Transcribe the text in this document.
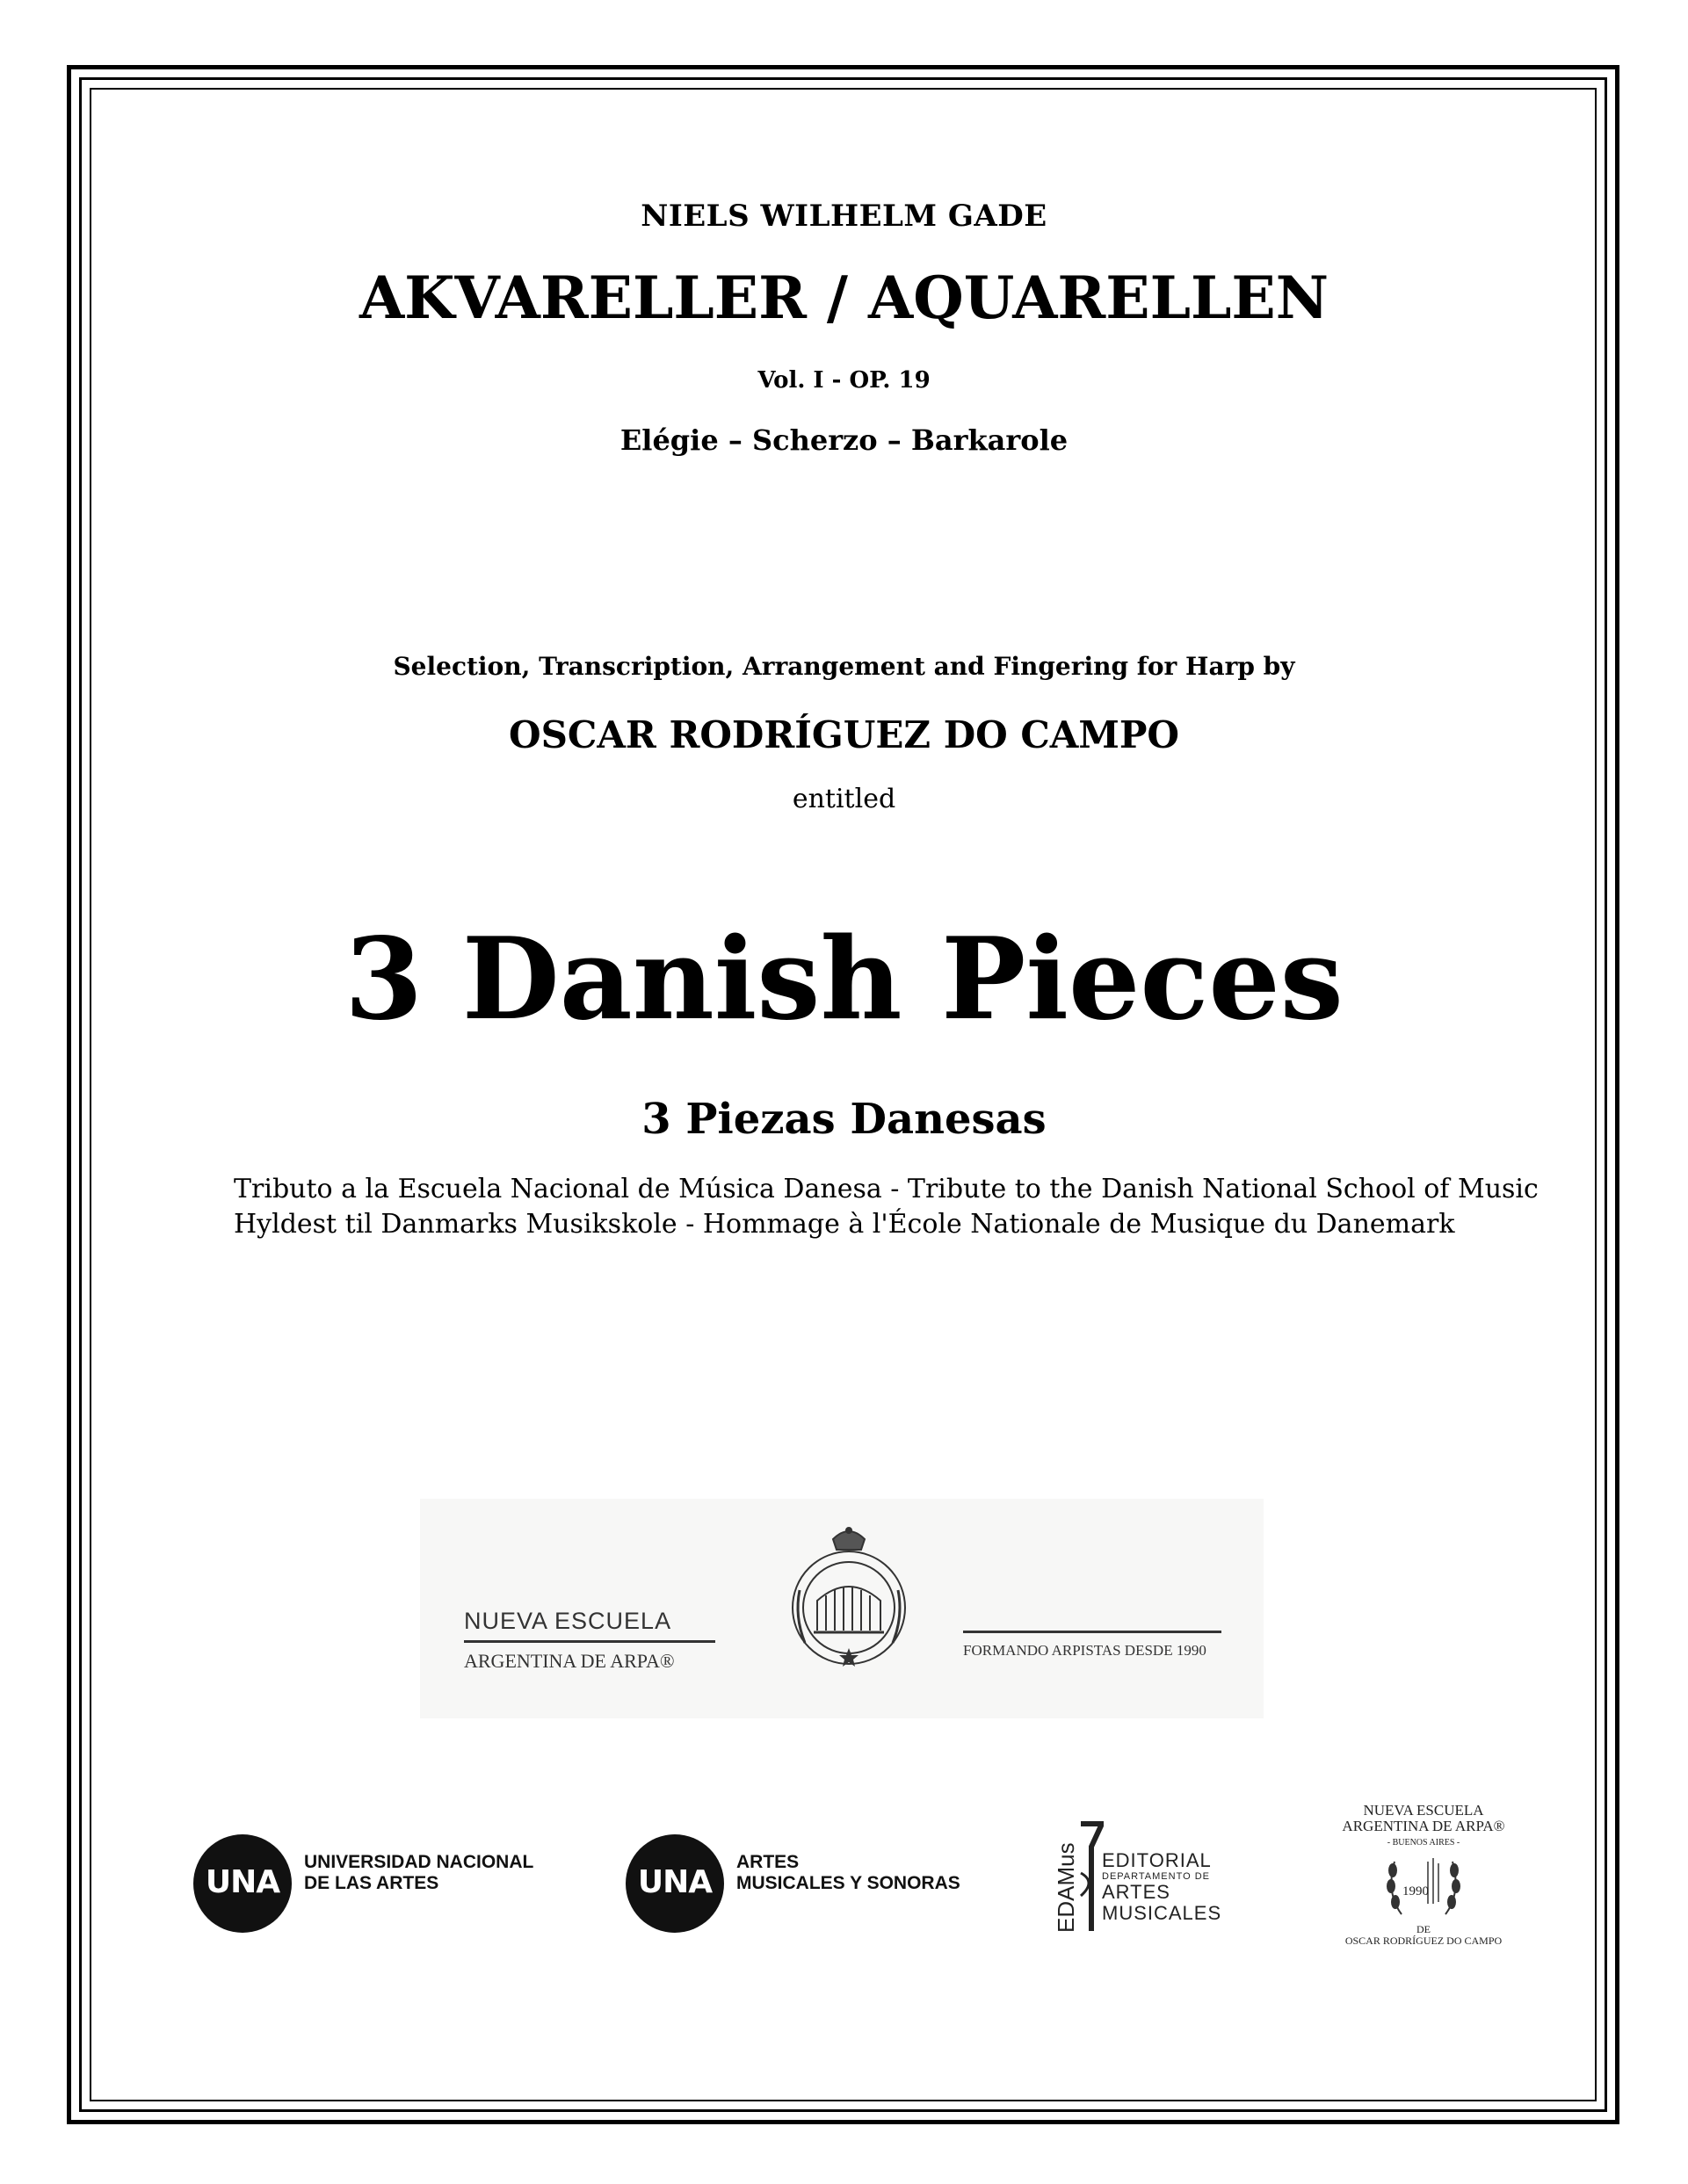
NIELS WILHELM GADE
AKVARELLER / AQUARELLEN
Vol. I - OP. 19
Elégie – Scherzo – Barkarole
Selection, Transcription, Arrangement and Fingering for Harp by
OSCAR RODRÍGUEZ DO CAMPO
entitled
3 Danish Pieces
3 Piezas Danesas
Tributo a la Escuela Nacional de Música Danesa - Tribute to the Danish National School of Music
Hyldest til Danmarks Musikskole - Hommage à l'École Nationale de Musique du Danemark
NUEVA ESCUELA
ARGENTINA DE ARPA®	FORMANDO ARPISTAS DESDE 1990
UNA
UNIVERSIDAD NACIONAL
DE LAS ARTES	UNA
ARTES
MUSICALES Y SONORAS	EDAMus EDITORIAL
DEPARTAMENTO DE
ARTES
MUSICALES
NUEVA ESCUELA
ARGENTINA DE ARPA®
- BUENOS AIRES -
1990
DE
OSCAR RODRÍGUEZ DO CAMPO
